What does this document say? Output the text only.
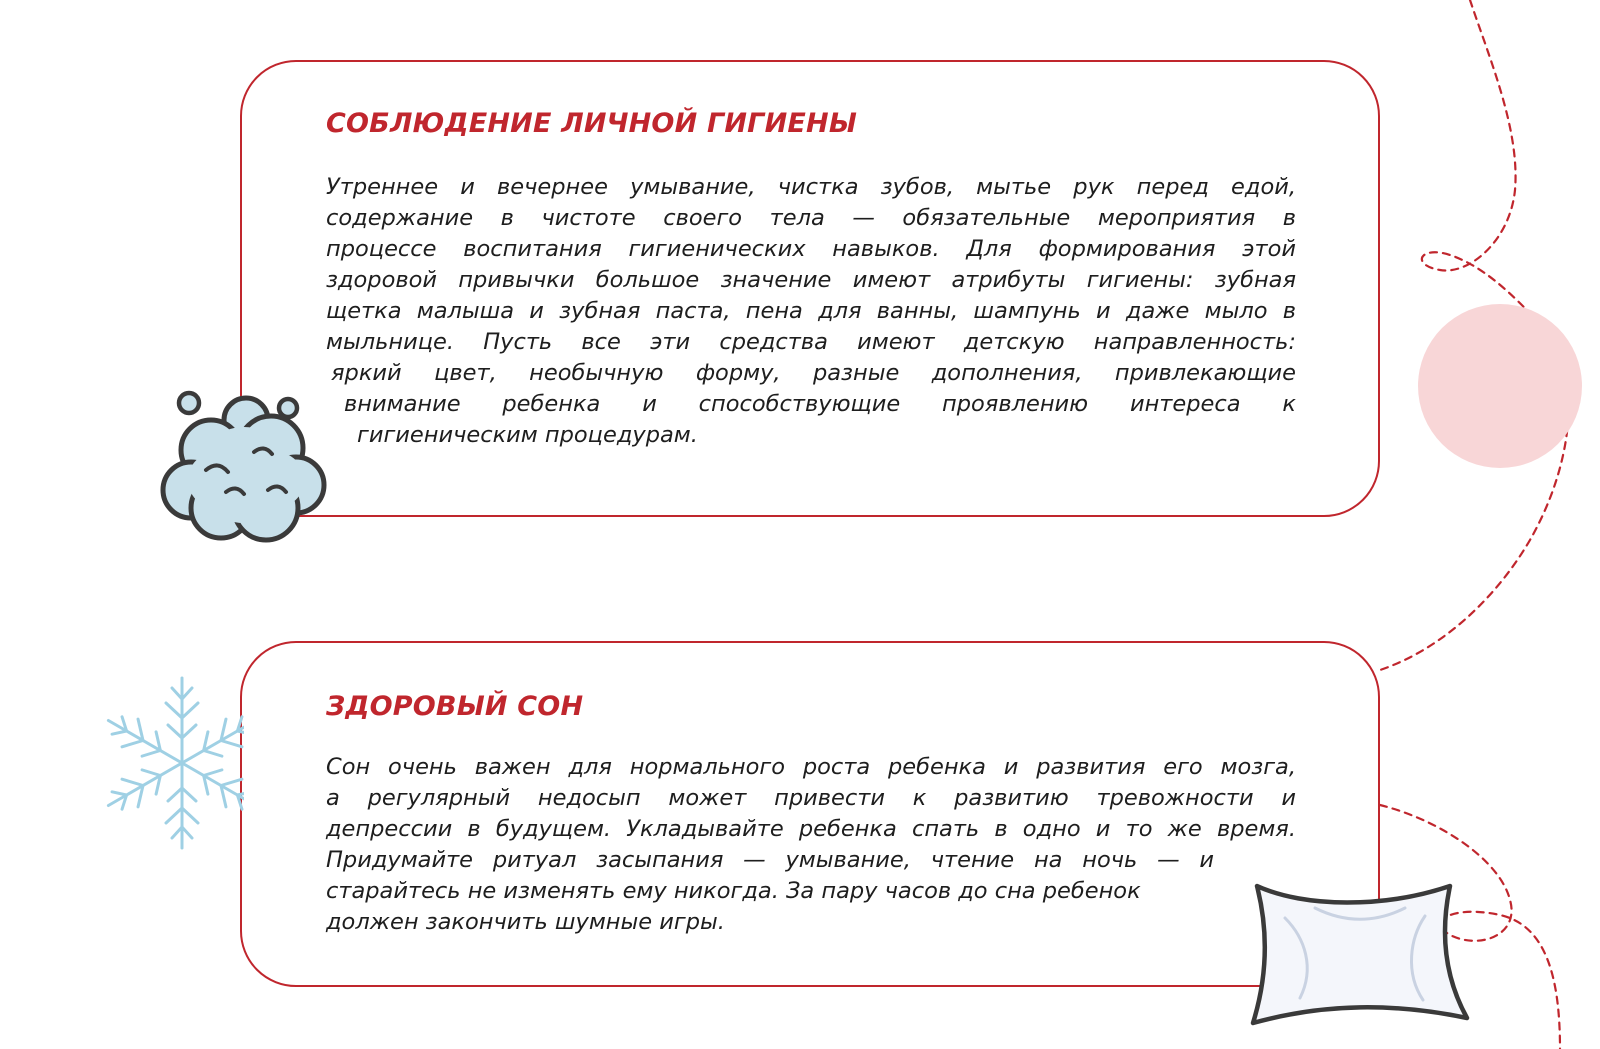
СОБЛЮДЕНИЕ ЛИЧНОЙ ГИГИЕНЫ

Утреннее и вечернее умывание, чистка зубов, мытье рук перед едой,
содержание в чистоте своего тела — обязательные мероприятия в
процессе воспитания гигиенических навыков. Для формирования этой
здоровой привычки большое значение имеют атрибуты гигиены: зубная
щетка малыша и зубная паста, пена для ванны, шампунь и даже мыло в
мыльнице. Пусть все эти средства имеют детскую направленность:
яркий цвет, необычную форму, разные дополнения, привлекающие
внимание ребенка и способствующие проявлению интереса к
гигиеническим процедурам.

ЗДОРОВЫЙ СОН

Сон очень важен для нормального роста ребенка и развития его мозга,
а регулярный недосып может привести к развитию тревожности и
депрессии в будущем. Укладывайте ребенка спать в одно и то же время.
Придумайте ритуал засыпания — умывание, чтение на ночь — и
старайтесь не изменять ему никогда. За пару часов до сна ребенок
должен закончить шумные игры.
